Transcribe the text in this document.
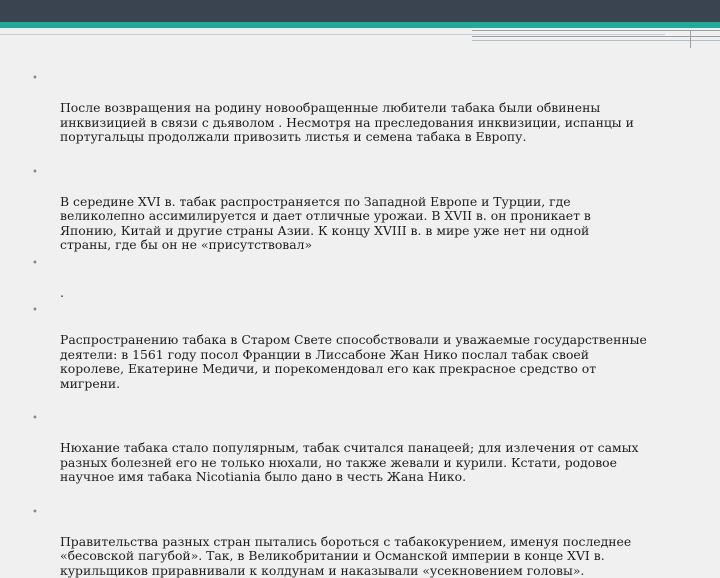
•

После возвращения на родину новообращенные любители табака были обвинены
инквизицией в связи с дьяволом . Несмотря на преследования инквизиции, испанцы и
португальцы продолжали привозить листья и семена табака в Европу.

•

В середине XVI в. табак распространяется по Западной Европе и Турции, где
великолепно ассимилируется и дает отличные урожаи. В XVII в. он проникает в
Японию, Китай и другие страны Азии. К концу XVIII в. в мире уже нет ни одной
страны, где бы он не «присутствовал»

•

.

•

Распространению табака в Старом Свете способствовали и уважаемые государственные
деятели: в 1561 году посол Франции в Лиссабоне Жан Нико послал табак своей
королеве, Екатерине Медичи, и порекомендовал его как прекрасное средство от
мигрени.

•

Нюхание табака стало популярным, табак считался панацеей; для излечения от самых
разных болезней его не только нюхали, но также жевали и курили. Кстати, родовое
научное имя табака Nicotiania было дано в честь Жана Нико.

•

Правительства разных стран пытались бороться с табакокурением, именуя последнее
«бесовской пагубой». Так, в Великобритании и Османской империи в конце XVI в.
курильщиков приравнивали к колдунам и наказывали «усекновением головы».
